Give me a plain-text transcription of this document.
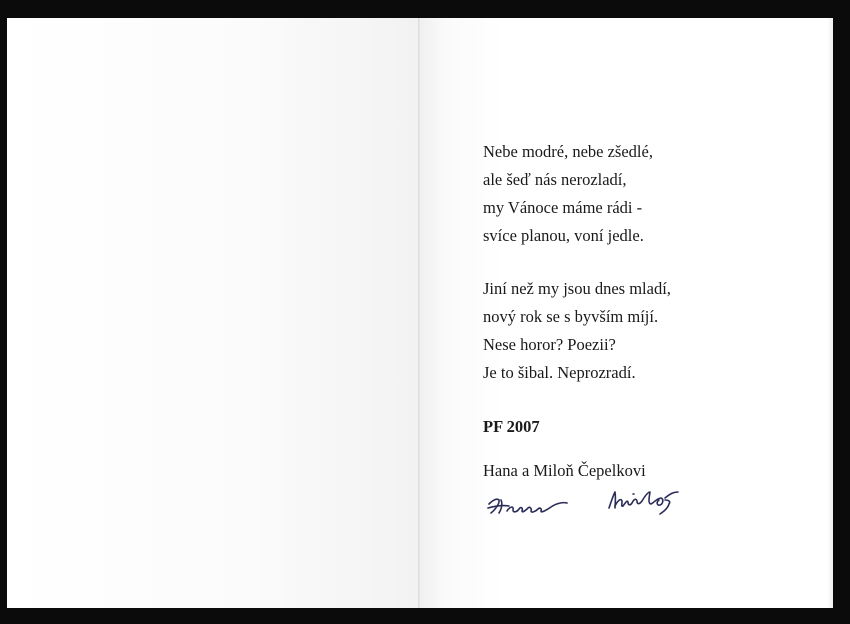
Nebe modré, nebe zšedlé,
ale šeď nás nerozladí,
my Vánoce máme rádi -
svíce planou, voní jedle.
Jiní než my jsou dnes mladí,
nový rok se s byvším míjí.
Nese horor? Poezii?
Je to šibal. Neprozradí.
PF 2007
Hana a Miloň Čepelkovi
